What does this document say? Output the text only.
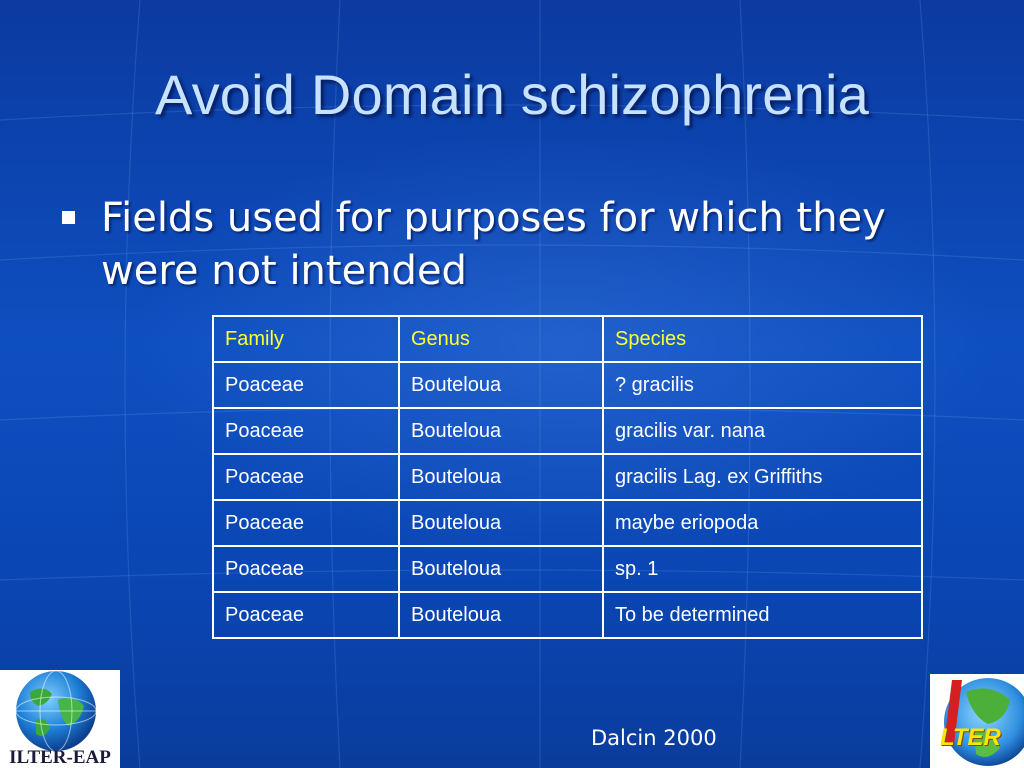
Avoid Domain schizophrenia
Fields used for purposes for which they were not intended
Family	Genus	Species
Poaceae	Bouteloua	? gracilis
Poaceae	Bouteloua	gracilis var. nana
Poaceae	Bouteloua	gracilis Lag. ex Griffiths
Poaceae	Bouteloua	maybe eriopoda
Poaceae	Bouteloua	sp. 1
Poaceae	Bouteloua	To be determined
ILTER-EAP
LTER
Dalcin 2000
